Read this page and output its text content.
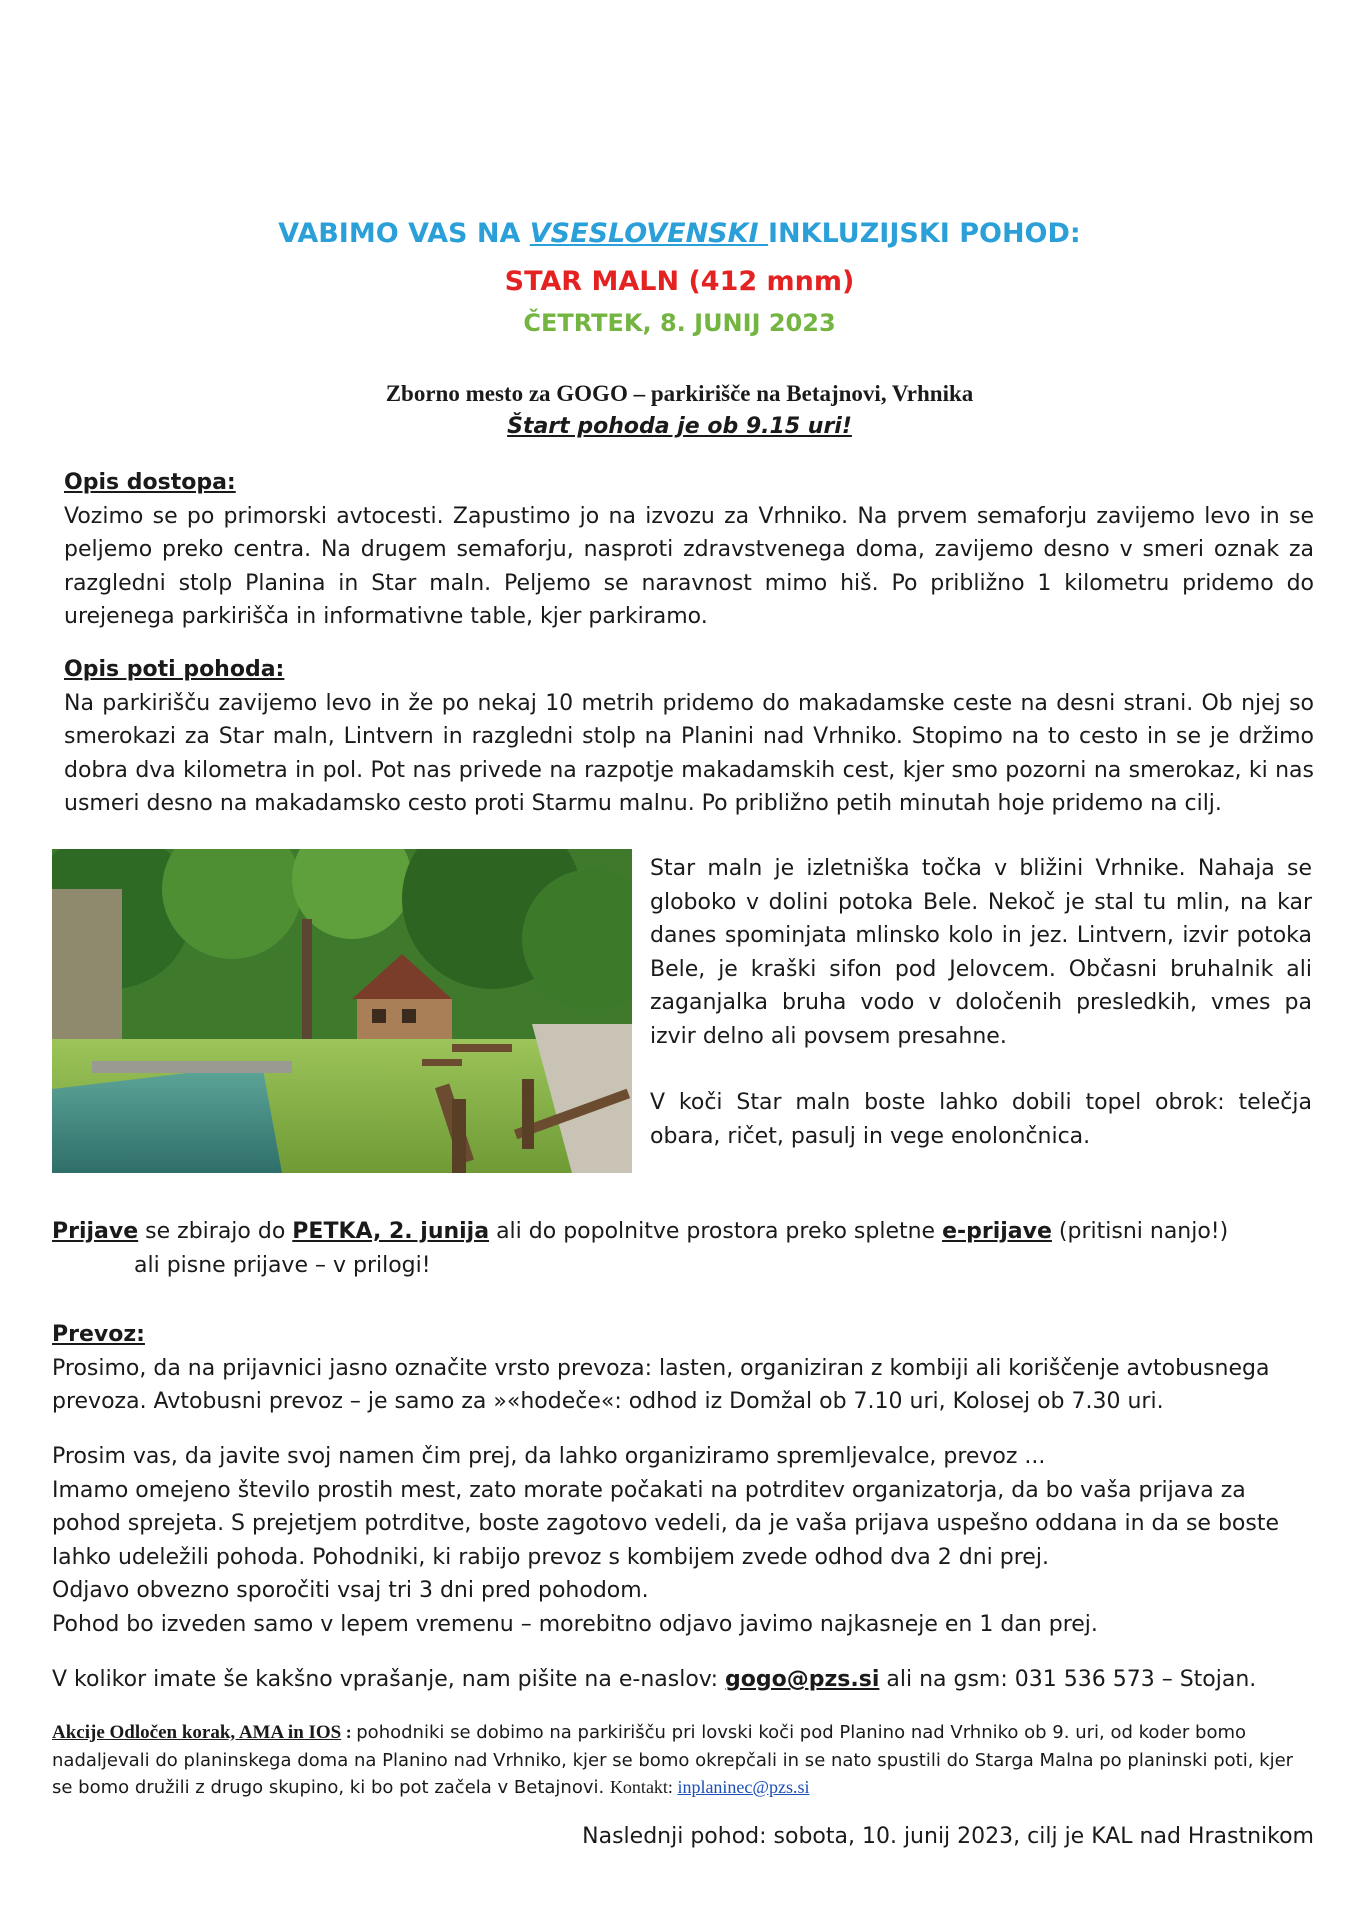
VABIMO VAS NA VSESLOVENSKI INKLUZIJSKI POHOD:
STAR MALN (412 mnm)
ČETRTEK, 8. JUNIJ 2023
Zborno mesto za GOGO – parkirišče na Betajnovi, Vrhnika
Štart pohoda je ob 9.15 uri!
Opis dostopa:
Vozimo se po primorski avtocesti. Zapustimo jo na izvozu za Vrhniko. Na prvem semaforju zavijemo levo in se peljemo preko centra. Na drugem semaforju, nasproti zdravstvenega doma, zavijemo desno v smeri oznak za razgledni stolp Planina in Star maln. Peljemo se naravnost mimo hiš. Po približno 1 kilometru pridemo do urejenega parkirišča in informativne table, kjer parkiramo.
Opis poti pohoda:
Na parkirišču zavijemo levo in že po nekaj 10 metrih pridemo do makadamske ceste na desni strani. Ob njej so smerokazi za Star maln, Lintvern in razgledni stolp na Planini nad Vrhniko. Stopimo na to cesto in se je držimo dobra dva kilometra in pol. Pot nas privede na razpotje makadamskih cest, kjer smo pozorni na smerokaz, ki nas usmeri desno na makadamsko cesto proti Starmu malnu. Po približno petih minutah hoje pridemo na cilj.
Star maln je izletniška točka v bližini Vrhnike. Nahaja se globoko v dolini potoka Bele. Nekoč je stal tu mlin, na kar danes spominjata mlinsko kolo in jez. Lintvern, izvir potoka Bele, je kraški sifon pod Jelovcem. Občasni bruhalnik ali zaganjalka bruha vodo v določenih presledkih, vmes pa izvir delno ali povsem presahne.
V koči Star maln boste lahko dobili topel obrok: telečja obara, ričet, pasulj in vege enolončnica.
Prijave se zbirajo do PETKA, 2. junija ali do popolnitve prostora preko spletne e-prijave (pritisni nanjo!)
ali pisne prijave – v prilogi!
Prevoz:
Prosimo, da na prijavnici jasno označite vrsto prevoza: lasten, organiziran z kombiji ali koriščenje avtobusnega prevoza. Avtobusni prevoz – je samo za »«hodeče«: odhod iz Domžal ob 7.10 uri, Kolosej ob 7.30 uri.
Prosim vas, da javite svoj namen čim prej, da lahko organiziramo spremljevalce, prevoz ...
Imamo omejeno število prostih mest, zato morate počakati na potrditev organizatorja, da bo vaša prijava za pohod sprejeta. S prejetjem potrditve, boste zagotovo vedeli, da je vaša prijava uspešno oddana in da se boste lahko udeležili pohoda. Pohodniki, ki rabijo prevoz s kombijem zvede odhod dva 2 dni prej.
Odjavo obvezno sporočiti vsaj tri 3 dni pred pohodom.
Pohod bo izveden samo v lepem vremenu – morebitno odjavo javimo najkasneje en 1 dan prej.
V kolikor imate še kakšno vprašanje, nam pišite na e-naslov: gogo@pzs.si ali na gsm: 031 536 573 – Stojan.
Akcije Odločen korak, AMA in IOS : pohodniki se dobimo na parkirišču pri lovski koči pod Planino nad Vrhniko ob 9. uri, od koder bomo nadaljevali do planinskega doma na Planino nad Vrhniko, kjer se bomo okrepčali in se nato spustili do Starga Malna po planinski poti, kjer se bomo družili z drugo skupino, ki bo pot začela v Betajnovi. Kontakt: inplaninec@pzs.si
Naslednji pohod: sobota, 10. junij 2023, cilj je KAL nad Hrastnikom
